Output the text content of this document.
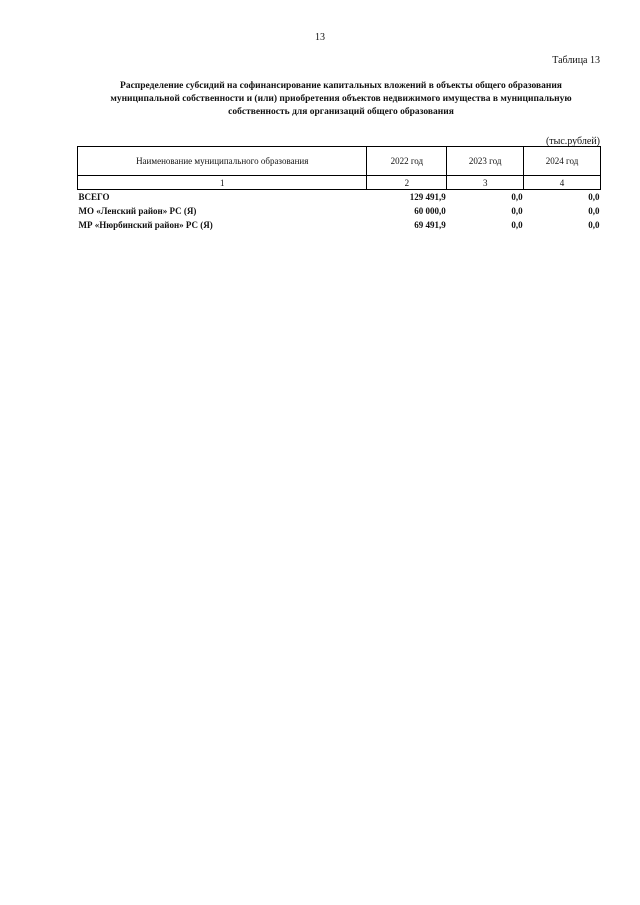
13
Таблица 13
Распределение субсидий на софинансирование капитальных вложений в объекты общего образования
муниципальной собственности и (или) приобретения объектов недвижимого имущества в муниципальную
собственность для организаций общего образования
(тыс.рублей)
Наименование муниципального образования	2022 год	2023 год	2024 год
1	2	3	4
ВСЕГО	129 491,9	0,0	0,0
МО «Ленский район» РС (Я)	60 000,0	0,0	0,0
МР «Нюрбинский район» РС (Я)	69 491,9	0,0	0,0
